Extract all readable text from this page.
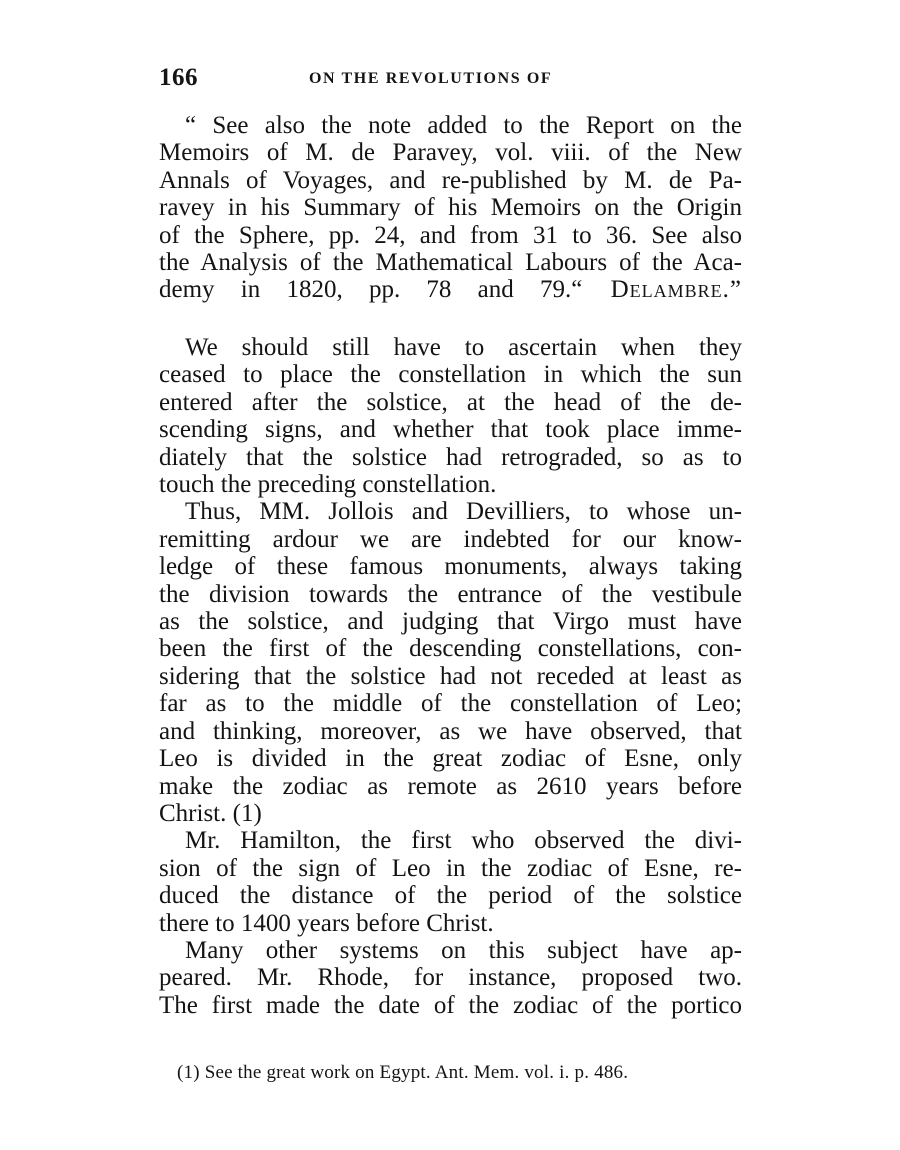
166	ON THE REVOLUTIONS OF
“ See also the note added to the Report on the
Memoirs of M. de Paravey, vol. viii. of the New
Annals of Voyages, and re-published by M. de Pa-
ravey in his Summary of his Memoirs on the Origin
of the Sphere, pp. 24, and from 31 to 36. See also
the Analysis of the Mathematical Labours of the Aca-
demy in 1820, pp. 78 and 79.“ Delambre.”
We should still have to ascertain when they
ceased to place the constellation in which the sun
entered after the solstice, at the head of the de-
scending signs, and whether that took place imme-
diately that the solstice had retrograded, so as to
touch the preceding constellation.
Thus, MM. Jollois and Devilliers, to whose un-
remitting ardour we are indebted for our know-
ledge of these famous monuments, always taking
the division towards the entrance of the vestibule
as the solstice, and judging that Virgo must have
been the first of the descending constellations, con-
sidering that the solstice had not receded at least as
far as to the middle of the constellation of Leo;
and thinking, moreover, as we have observed, that
Leo is divided in the great zodiac of Esne, only
make the zodiac as remote as 2610 years before
Christ. (1)
Mr. Hamilton, the first who observed the divi-
sion of the sign of Leo in the zodiac of Esne, re-
duced the distance of the period of the solstice
there to 1400 years before Christ.
Many other systems on this subject have ap-
peared. Mr. Rhode, for instance, proposed two.
The first made the date of the zodiac of the portico
(1) See the great work on Egypt. Ant. Mem. vol. i. p. 486.
